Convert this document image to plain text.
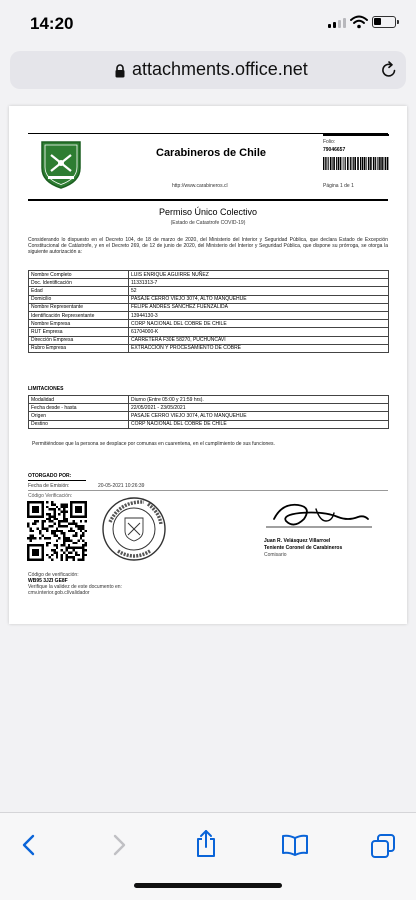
14:20
attachments.office.net
Carabineros de Chile
http://www.carabineros.cl
Folio:
79046657
Página 1 de 1
Permiso Único Colectivo
(Estado de Catastrofe COVID-19)
Considerando lo dispuesto en el Decreto 104, de 18 de marzo de 2020, del Ministerio del Interior y Seguridad Pública, que declara Estado de Excepción Constitucional de Catástrofe, y en el Decreto 269, de 12 de junio de 2020, del Ministerio del Interior y Seguridad Pública, que dispone su prórroga, se otorga la siguiente autorización a:
Nombre Completo	LUIS ENRIQUE AGUIRRE NUÑEZ
Doc. Identificación	11331313-7
Edad	52
Domicilio	PASAJE CERRO VIEJO 3074, ALTO MANQUEHUE
Nombre Representante	FELIPE ANDRÉS SÁNCHEZ FUENZALIDA
Identificación Representante	13944130-3
Nombre Empresa	CORP NACIONAL DEL COBRE DE CHILE
RUT Empresa	61704000-K
Dirección Empresa	CARRETERA F30E 58270, PUCHUNCAVÍ
Rubro Empresa	EXTRACCIÓN Y PROCESAMIENTO DE COBRE
LIMITACIONES
Modalidad	Diurno (Entre 05:00 y 21:59 hrs).
Fecha desde - hasta	22/05/2021 - 23/05/2021
Origen	PASAJE CERRO VIEJO 3074, ALTO MANQUEHUE
Destino	CORP NACIONAL DEL COBRE DE CHILE
Permitiéndose que la persona se desplace por comunas en cuarentena, en el cumplimiento de sus funciones.
OTORGADO POR:
Fecha de Emisión:	20-05-2021 10:26:39
Código Verificación:
Juan R. Velásquez Villarroel
Teniente Coronel de Carabineros
Comisario
Código de verificación:
WB95 3JZI GE8F
Verifique la validez de este documento en:
cmv.interior.gob.cl/validador
